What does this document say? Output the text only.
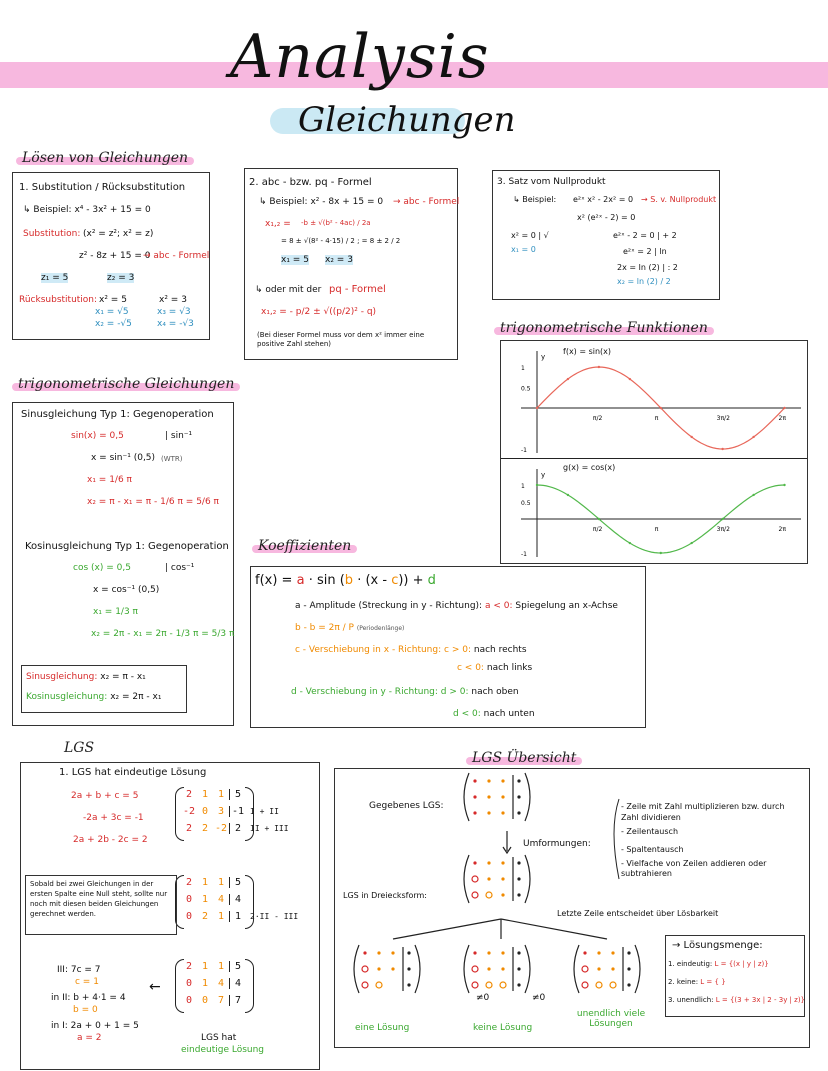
Analysis
Gleichungen
Lösen von Gleichungen
1. Substitution / Rücksubstitution
↳ Beispiel: x⁴ - 3x² + 15 = 0
Substitution: (x² = z²; x² = z)
z² - 8z + 15 = 0
→ abc - Formel
z₁ = 5	z₂ = 3
Rücksubstitution: x² = 5
x₁ = √5
x₂ = -√5
x² = 3
x₃ = √3
x₄ = -√3
2. abc - bzw. pq - Formel
↳ Beispiel: x² - 8x + 15 = 0 → abc - Formel
x₁,₂ = -b ± √(b² - 4ac) / 2a
= 8 ± √(8² - 4·15) / 2 ; = 8 ± 2 / 2
x₁ = 5 x₂ = 3
↳ oder mit der pq - Formel
x₁,₂ = - p/2 ± √((p/2)² - q)
(Bei dieser Formel muss vor dem x² immer eine positive Zahl stehen)
3. Satz vom Nullprodukt
↳ Beispiel: e²ˣ x² - 2x² = 0 → S. v. Nullprodukt
x² (e²ˣ - 2) = 0
x² = 0 | √
x₁ = 0
e²ˣ - 2 = 0 | + 2
e²ˣ = 2 | ln
2x = ln (2) | : 2
x₂ = ln (2) / 2
trigonometrische Funktionen
y
1
0.5
-1
π/2	π	3π/2	2π
y
1
0.5
-1
π/2	π	3π/2	2π
f(x) = sin(x)
g(x) = cos(x)
trigonometrische Gleichungen
Sinusgleichung Typ 1: Gegenoperation
sin(x) = 0,5	| sin⁻¹
x = sin⁻¹ (0,5) (WTR)
x₁ = 1/6 π
x₂ = π - x₁ = π - 1/6 π = 5/6 π
Kosinusgleichung Typ 1: Gegenoperation
cos (x) = 0,5	| cos⁻¹
x = cos⁻¹ (0,5)
x₁ = 1/3 π
x₂ = 2π - x₁ = 2π - 1/3 π = 5/3 π
Sinusgleichung: x₂ = π - x₁
Kosinusgleichung: x₂ = 2π - x₁
Koeffizienten
f(x) = a · sin (b · (x - c)) + d
a - Amplitude (Streckung in y - Richtung): a < 0: Spiegelung an x-Achse
b - b = 2π / P (Periodenlänge)
c - Verschiebung in x - Richtung: c > 0: nach rechts
c < 0: nach links
d - Verschiebung in y - Richtung: d > 0: nach oben
d < 0: nach unten
LGS
1. LGS hat eindeutige Lösung
2a + b + c = 5
-2a + 3c = -1
2a + 2b - 2c = 2
2 1 1 5
-2 0 3 -1 I + II
2 2 -2 2 II + III
2 1 1 5
0 1 4 4
0 2 1 1 2·II - III
2 1 1 5
0 1 4 4
0 0 7 7
Sobald bei zwei Gleichungen in der ersten Spalte eine Null steht, sollte nur noch mit diesen beiden Gleichungen gerechnet werden.
III: 7c = 7
c = 1
in II: b + 4·1 = 4
b = 0
in I: 2a + 0 + 1 = 5
a = 2
←
LGS hat
eindeutige Lösung
LGS Übersicht
Gegebenes LGS:
Umformungen:
- Zeile mit Zahl multiplizieren bzw. durch Zahl dividieren
- Zeilentausch
- Spaltentausch
- Vielfache von Zeilen addieren oder subtrahieren
LGS in Dreiecksform:
Letzte Zeile entscheidet über Lösbarkeit
≠0	≠0
eine Lösung	keine Lösung
unendlich viele Lösungen
→ Lösungsmenge:
1. eindeutig: L = {(x | y | z)}
2. keine: L = { }
3. unendlich: L = {(3 + 3x | 2 - 3y | z)}
